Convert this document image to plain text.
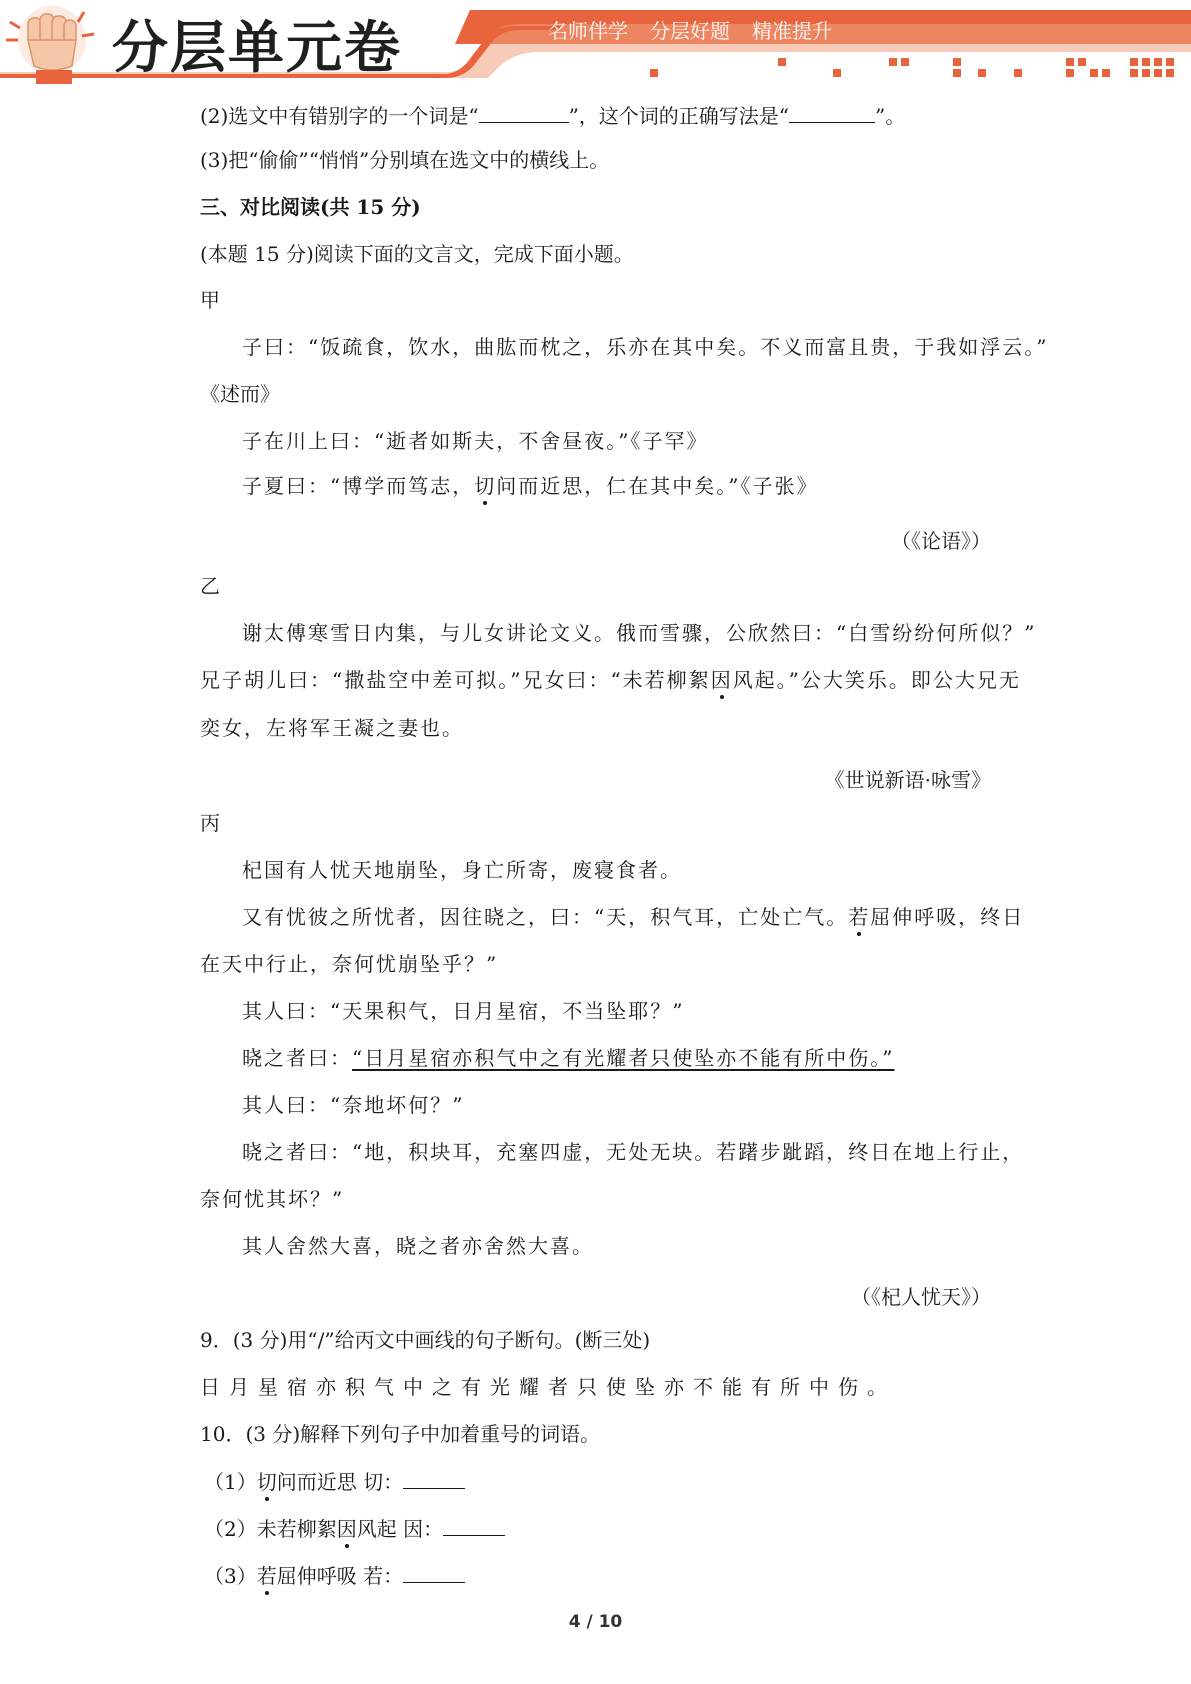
分层单元卷	名师伴学 分层好题 精准提升
(2)选文中有错别字的一个词是“	”，这个词的正确写法是“	”。
(3)把“偷偷”“悄悄”分别填在选文中的横线上。
三、对比阅读(共 15 分)
(本题 15 分)阅读下面的文言文，完成下面小题。
甲
子曰：“饭疏食，饮水，曲肱而枕之，乐亦在其中矣。不义而富且贵，于我如浮云。”
《述而》
子在川上曰：“逝者如斯夫，不舍昼夜。”《子罕》
子夏曰：“博学而笃志，切问而近思，仁在其中矣。”《子张》
（《论语》）
乙
谢太傅寒雪日内集，与儿女讲论文义。俄而雪骤，公欣然曰：“白雪纷纷何所似？”
兄子胡儿曰：“撒盐空中差可拟。”兄女曰：“未若柳絮因风起。”公大笑乐。即公大兄无
奕女，左将军王凝之妻也。
《世说新语·咏雪》
丙
杞国有人忧天地崩坠，身亡所寄，废寝食者。
又有忧彼之所忧者，因往晓之，曰：“天，积气耳，亡处亡气。若屈伸呼吸，终日
在天中行止，奈何忧崩坠乎？”
其人曰：“天果积气，日月星宿，不当坠耶？”
晓之者曰：“日月星宿亦积气中之有光耀者只使坠亦不能有所中伤。”
其人曰：“奈地坏何？”
晓之者曰：“地，积块耳，充塞四虚，无处无块。若躇步跐蹈，终日在地上行止，
奈何忧其坏？”
其人舍然大喜，晓之者亦舍然大喜。
（《杞人忧天》）
9．(3 分)用“/”给丙文中画线的句子断句。(断三处)
日月星宿亦积气中之有光耀者只使坠亦不能有所中伤。
10．(3 分)解释下列句子中加着重号的词语。
（1）切问而近思 切：
（2）未若柳絮因风起 因：
（3）若屈伸呼吸 若：
4 / 10
